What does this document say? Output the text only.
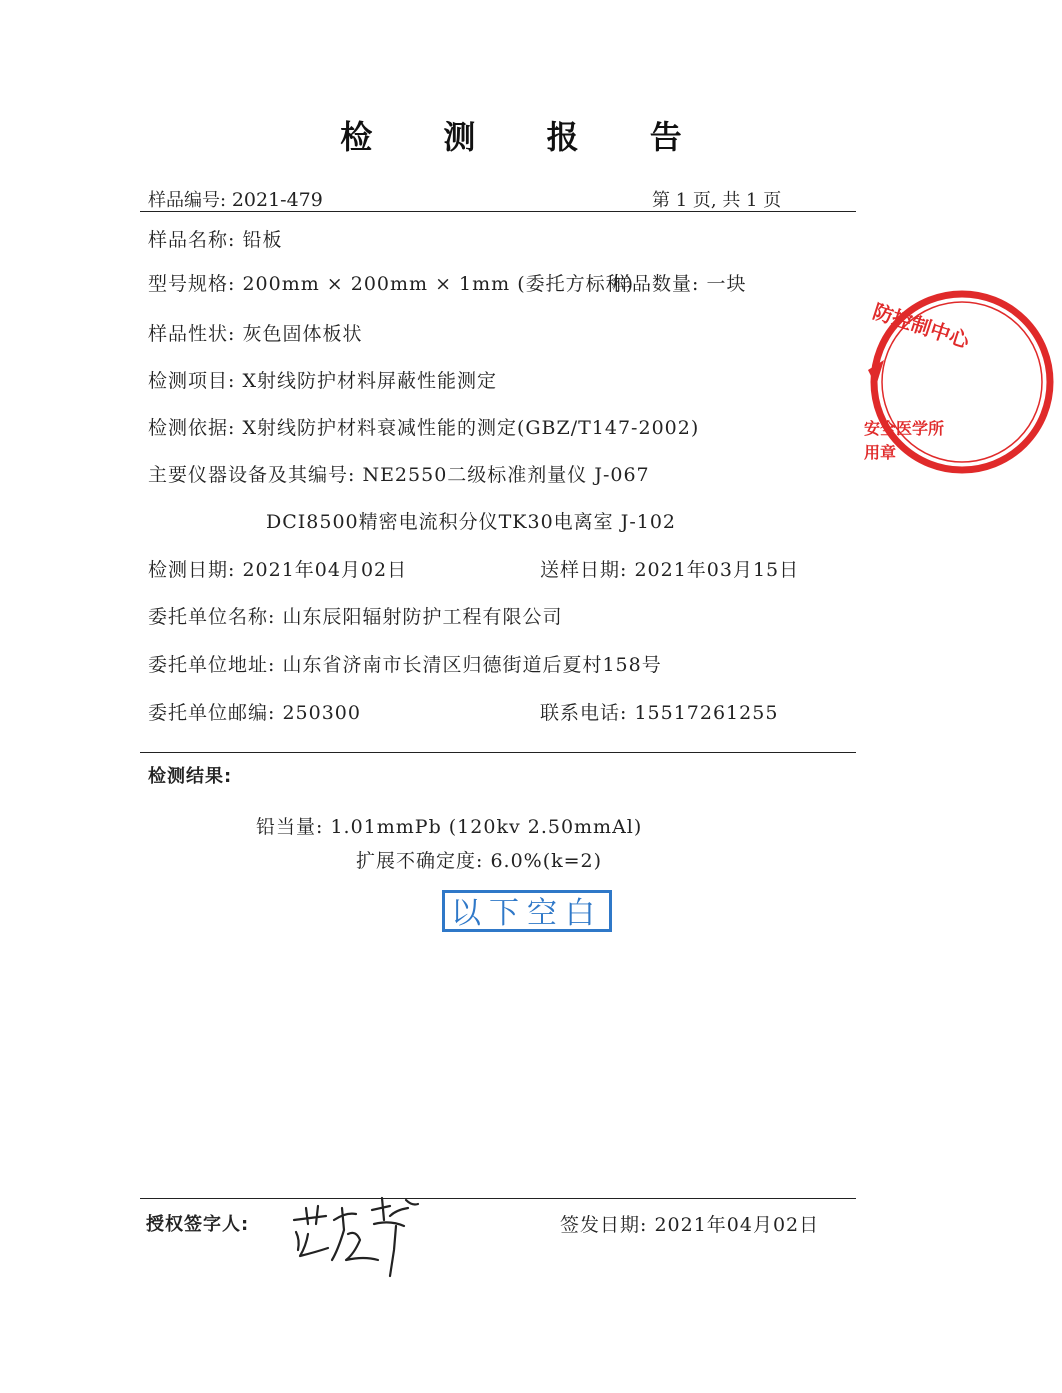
检 测 报 告
样品编号: 2021-479	第 1 页, 共 1 页
样品名称: 铅板
型号规格: 200mm × 200mm × 1mm (委托方标称)
样品数量: 一块
样品性状: 灰色固体板状
检测项目: X射线防护材料屏蔽性能测定
检测依据: X射线防护材料衰减性能的测定(GBZ/T147-2002)
主要仪器设备及其编号: NE2550二级标准剂量仪 J-067
DCI8500精密电流积分仪TK30电离室 J-102
检测日期: 2021年04月02日	送样日期: 2021年03月15日
委托单位名称: 山东辰阳辐射防护工程有限公司
委托单位地址: 山东省济南市长清区归德街道后夏村158号
委托单位邮编: 250300	联系电话: 15517261255
检测结果:
铅当量: 1.01mmPb (120kv 2.50mmAl)
扩展不确定度: 6.0%(k=2)
以下空白
防控制中心
安全医学所
用章
授权签字人:	签发日期: 2021年04月02日
